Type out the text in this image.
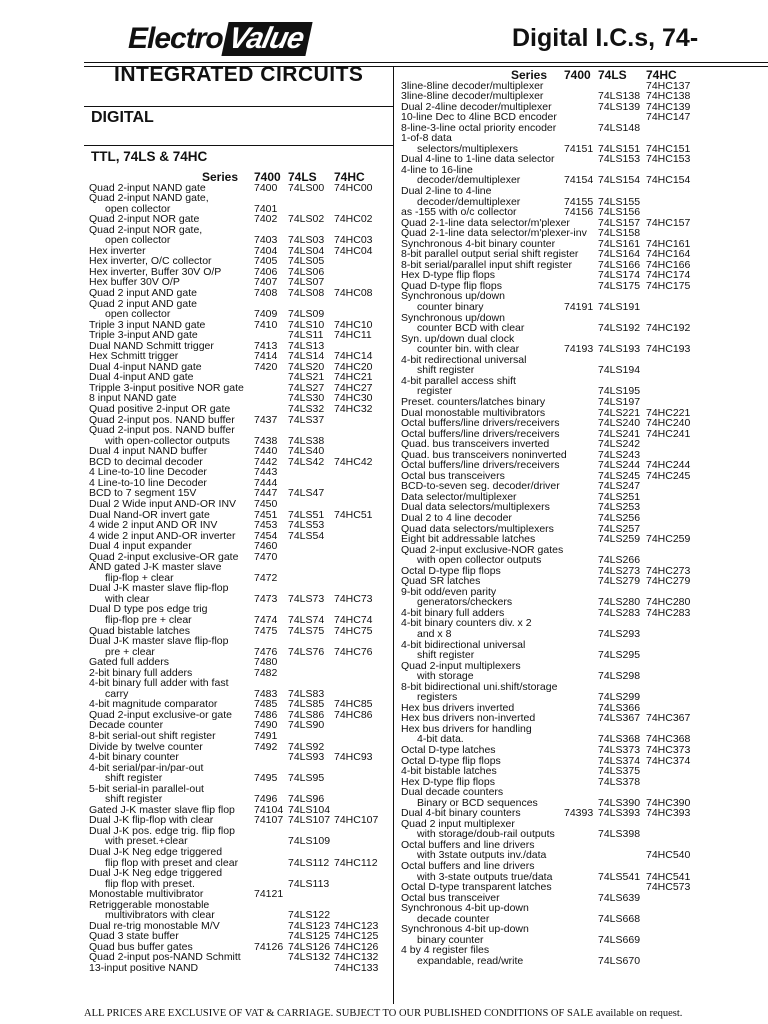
ElectroValue	Digital I.C.s, 74-
INTEGRATED CIRCUITS
DIGITAL
TTL, 74LS & 74HC
Series 7400 74LS 74HC
Quad 2-input NAND gate	7400 74LS00 74HC00
Quad 2-input NAND gate,
open collector	7401
Quad 2-input NOR gate	7402 74LS02 74HC02
Quad 2-input NOR gate,
open collector	7403 74LS03 74HC03
Hex inverter	7404 74LS04 74HC04
Hex inverter, O/C collector	7405 74LS05
Hex inverter, Buffer 30V O/P	7406 74LS06
Hex buffer 30V O/P	7407 74LS07
Quad 2 input AND gate	7408 74LS08 74HC08
Quad 2 input AND gate
open collector	7409 74LS09
Triple 3 input NAND gate	7410 74LS10 74HC10
Triple 3-input AND gate	74LS11 74HC11
Dual NAND Schmitt trigger	7413 74LS13
Hex Schmitt trigger	7414 74LS14 74HC14
Dual 4-input NAND gate	7420 74LS20 74HC20
Dual 4-input AND gate	74LS21 74HC21
Tripple 3-input positive NOR gate	74LS27 74HC27
8 input NAND gate	74LS30 74HC30
Quad positive 2-input OR gate	74LS32 74HC32
Quad 2-input pos. NAND buffer 7437 74LS37
Quad 2-input pos. NAND buffer
with open-collector outputs 7438 74LS38
Dual 4 input NAND buffer	7440 74LS40
BCD to decimal decoder	7442 74LS42 74HC42
4 Line-to-10 line Decoder	7443
4 Line-to-10 line Decoder	7444
BCD to 7 segment 15V	7447 74LS47
Dual 2 Wide input AND-OR INV 7450
Dual Nand-OR invert gate	7451 74LS51 74HC51
4 wide 2 input AND OR INV	7453 74LS53
4 wide 2 input AND-OR inverter 7454 74LS54
Dual 4 input expander	7460
Quad 2-input exclusive-OR gate 7470
AND gated J-K master slave
flip-flop + clear	7472
Dual J-K master slave flip-flop
with clear	7473 74LS73 74HC73
Dual D type pos edge trig
flip-flop pre + clear	7474 74LS74 74HC74
Quad bistable latches	7475 74LS75 74HC75
Dual J-K master slave flip-flop
pre + clear	7476 74LS76 74HC76
Gated full adders	7480
2-bit binary full adders	7482
4-bit binary full adder with fast
carry	7483 74LS83
4-bit magnitude comparator	7485 74LS85 74HC85
Quad 2-input exclusive-or gate 7486 74LS86 74HC86
Decade counter	7490 74LS90
8-bit serial-out shift register	7491
Divide by twelve counter	7492 74LS92
4-bit binary counter	74LS93 74HC93
4-bit serial/par-in/par-out
shift register	7495 74LS95
5-bit serial-in parallel-out
shift register	7496 74LS96
Gated J-K master slave flip flop 74104 74LS104
Dual J-K flip-flop with clear	74107 74LS107 74HC107
Dual J-K pos. edge trig. flip flop
with preset.+clear	74LS109
Dual J-K Neg edge triggered
flip flop with preset and clear	74LS112 74HC112
Dual J-K Neg edge triggered
flip flop with preset.	74LS113
Monostable multivibrator	74121
Retriggerable monostable
multivibrators with clear	74LS122
Dual re-trig monostable M/V	74LS123 74HC123
Quad 3 state buffer	74LS125 74HC125
Quad bus buffer gates	74126 74LS126 74HC126
Quad 2-input pos-NAND Schmitt	74LS132 74HC132
13-input positive NAND	74HC133
Series 7400 74LS 74HC
3line-8line decoder/multiplexer	74HC137
3line-8line decoder/multiplexer	74LS138 74HC138
Dual 2-4line decoder/multiplexer	74LS139 74HC139
10-line Dec to 4line BCD encoder	74HC147
8-line-3-line octal priority encoder	74LS148
1-of-8 data
selectors/multiplexers	74151 74LS151 74HC151
Dual 4-line to 1-line data selector	74LS153 74HC153
4-line to 16-line
decoder/demultiplexer	74154 74LS154 74HC154
Dual 2-line to 4-line
decoder/demultiplexer	74155 74LS155
as -155 with o/c collector	74156 74LS156
Quad 2-1-line data selector/m'plexer	74LS157 74HC157
Quad 2-1-line data selector/m'plexer-inv 74LS158
Synchronous 4-bit binary counter	74LS161 74HC161
8-bit parallel output serial shift register 74LS164 74HC164
8-bit serial/parallel input shift register 74LS166 74HC166
Hex D-type flip flops	74LS174 74HC174
Quad D-type flip flops	74LS175 74HC175
Synchronous up/down
counter binary	74191 74LS191
Synchronous up/down
counter BCD with clear	74LS192 74HC192
Syn. up/down dual clock
counter bin. with clear	74193 74LS193 74HC193
4-bit redirectional universal
shift register	74LS194
4-bit parallel access shift
register	74LS195
Preset. counters/latches binary	74LS197
Dual monostable multivibrators	74LS221 74HC221
Octal buffers/line drivers/receivers	74LS240 74HC240
Octal buffers/line drivers/receivers	74LS241 74HC241
Quad. bus transceivers inverted	74LS242
Quad. bus transceivers noninverted	74LS243
Octal buffers/line drivers/receivers	74LS244 74HC244
Octal bus transceivers	74LS245 74HC245
BCD-to-seven seg. decoder/driver	74LS247
Data selector/multiplexer	74LS251
Dual data selectors/multiplexers	74LS253
Dual 2 to 4 line decoder	74LS256
Quad data selectors/multiplexers	74LS257
Eight bit addressable latches	74LS259 74HC259
Quad 2-input exclusive-NOR gates
with open collector outputs	74LS266
Octal D-type flip flops	74LS273 74HC273
Quad SR latches	74LS279 74HC279
9-bit odd/even parity
generators/checkers	74LS280 74HC280
4-bit binary full adders	74LS283 74HC283
4-bit binary counters div. x 2
and x 8	74LS293
4-bit bidirectional universal
shift register	74LS295
Quad 2-input multiplexers
with storage	74LS298
8-bit bidirectional uni.shift/storage
registers	74LS299
Hex bus drivers inverted	74LS366
Hex bus drivers non-inverted	74LS367 74HC367
Hex bus drivers for handling
4-bit data.	74LS368 74HC368
Octal D-type latches	74LS373 74HC373
Octal D-type flip flops	74LS374 74HC374
4-bit bistable latches	74LS375
Hex D-type flip flops	74LS378
Dual decade counters
Binary or BCD sequences	74LS390 74HC390
Dual 4-bit binary counters	74393 74LS393 74HC393
Quad 2 input multiplexer
with storage/doub-rail outputs	74LS398
Octal buffers and line drivers
with 3state outputs inv./data	74HC540
Octal buffers and line drivers
with 3-state outputs true/data	74LS541 74HC541
Octal D-type transparent latches	74HC573
Octal bus transceiver	74LS639
Synchronous 4-bit up-down
decade counter	74LS668
Synchronous 4-bit up-down
binary counter	74LS669
4 by 4 register files
expandable, read/write	74LS670
ALL PRICES ARE EXCLUSIVE OF VAT & CARRIAGE. SUBJECT TO OUR PUBLISHED CONDITIONS OF SALE available on request.
